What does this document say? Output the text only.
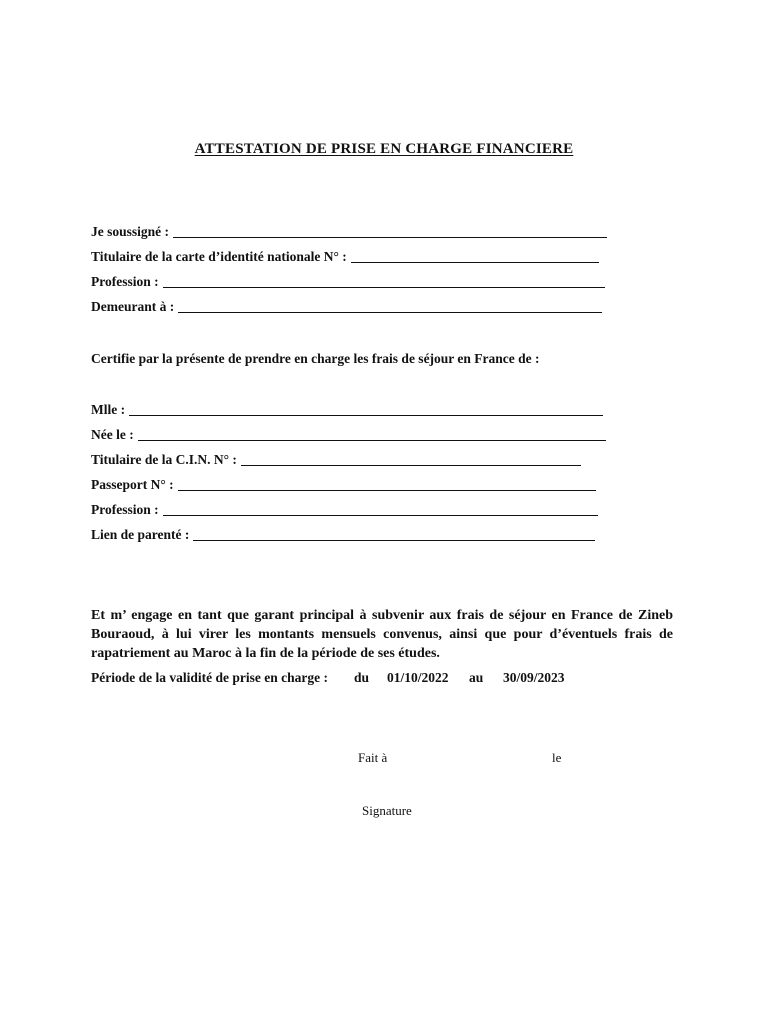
ATTESTATION DE PRISE EN CHARGE FINANCIERE
Je soussigné :
Titulaire de la carte d’identité nationale N° :
Profession :
Demeurant à :
Certifie par la présente de prendre en charge les frais de séjour en France de :
Mlle :
Née le :
Titulaire de la C.I.N. N° :
Passeport N° :
Profession :
Lien de parenté :
Et m’ engage en tant que garant principal à subvenir aux frais de séjour en France de Zineb Bouraoud, à lui virer les montants mensuels convenus, ainsi que pour d’éventuels frais de rapatriement au Maroc à la fin de la période de ses études.
Période de la validité de prise en charge : du 01/10/2022 au 30/09/2023
Fait à	le
Signature
